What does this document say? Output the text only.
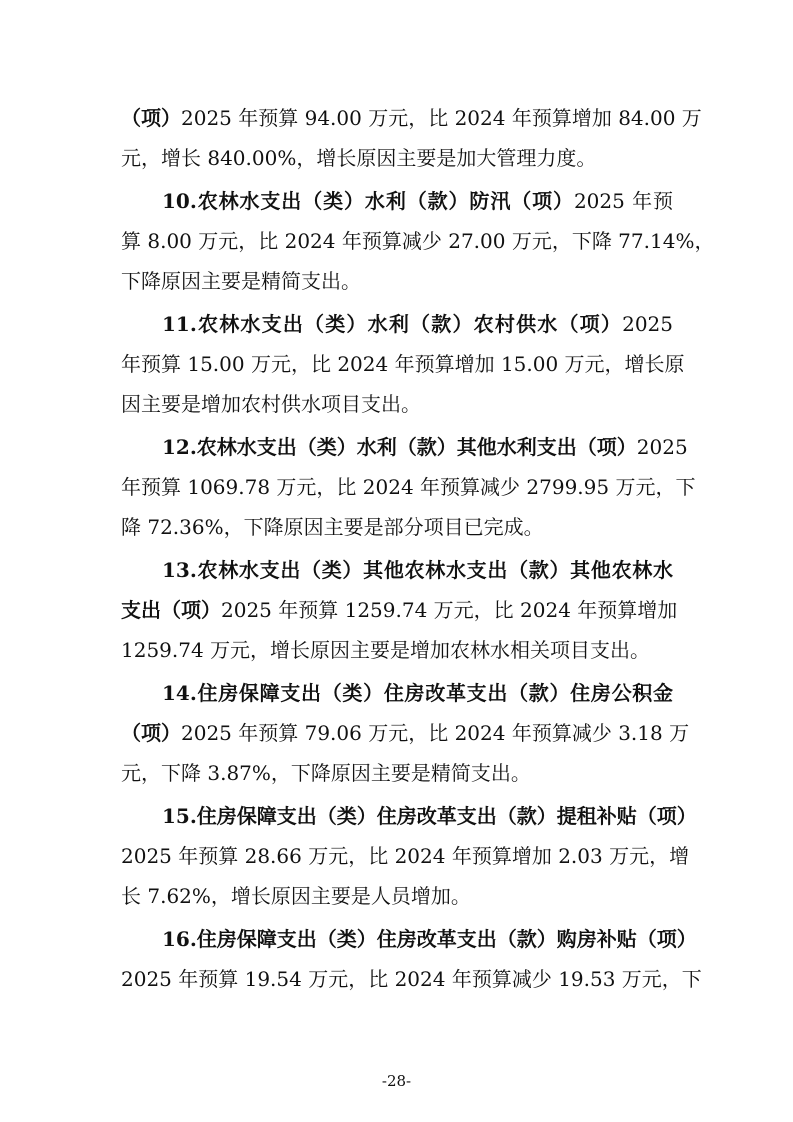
（项）2025 年预算 94.00 万元，比 2024 年预算增加 84.00 万
元，增长 840.00%，增长原因主要是加大管理力度。
10.农林水支出（类）水利（款）防汛（项）2025 年预
算 8.00 万元，比 2024 年预算减少 27.00 万元，下降 77.14%，
下降原因主要是精简支出。
11.农林水支出（类）水利（款）农村供水（项）2025
年预算 15.00 万元，比 2024 年预算增加 15.00 万元，增长原
因主要是增加农村供水项目支出。
12.农林水支出（类）水利（款）其他水利支出（项）2025
年预算 1069.78 万元，比 2024 年预算减少 2799.95 万元，下
降 72.36%，下降原因主要是部分项目已完成。
13.农林水支出（类）其他农林水支出（款）其他农林水
支出（项）2025 年预算 1259.74 万元，比 2024 年预算增加
1259.74 万元，增长原因主要是增加农林水相关项目支出。
14.住房保障支出（类）住房改革支出（款）住房公积金
（项）2025 年预算 79.06 万元，比 2024 年预算减少 3.18 万
元，下降 3.87%，下降原因主要是精简支出。
15.住房保障支出（类）住房改革支出（款）提租补贴（项）
2025 年预算 28.66 万元，比 2024 年预算增加 2.03 万元，增
长 7.62%，增长原因主要是人员增加。
16.住房保障支出（类）住房改革支出（款）购房补贴（项）
2025 年预算 19.54 万元，比 2024 年预算减少 19.53 万元，下
-28-
